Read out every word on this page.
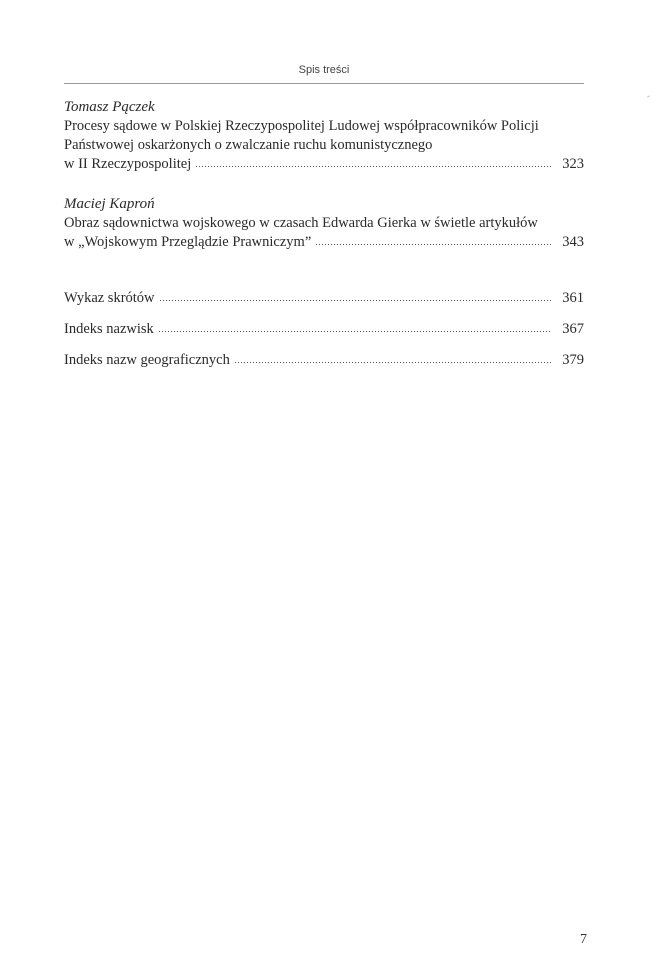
Spis treści
Tomasz Pączek
Procesy sądowe w Polskiej Rzeczypospolitej Ludowej współpracowników Policji
Państwowej oskarżonych o zwalczanie ruchu komunistycznego
w II Rzeczypospolitej	323
Maciej Kaproń
Obraz sądownictwa wojskowego w czasach Edwarda Gierka w świetle artykułów
w „Wojskowym Przeglądzie Prawniczym”	343
Wykaz skrótów	361
Indeks nazwisk	367
Indeks nazw geograficznych	379
7
